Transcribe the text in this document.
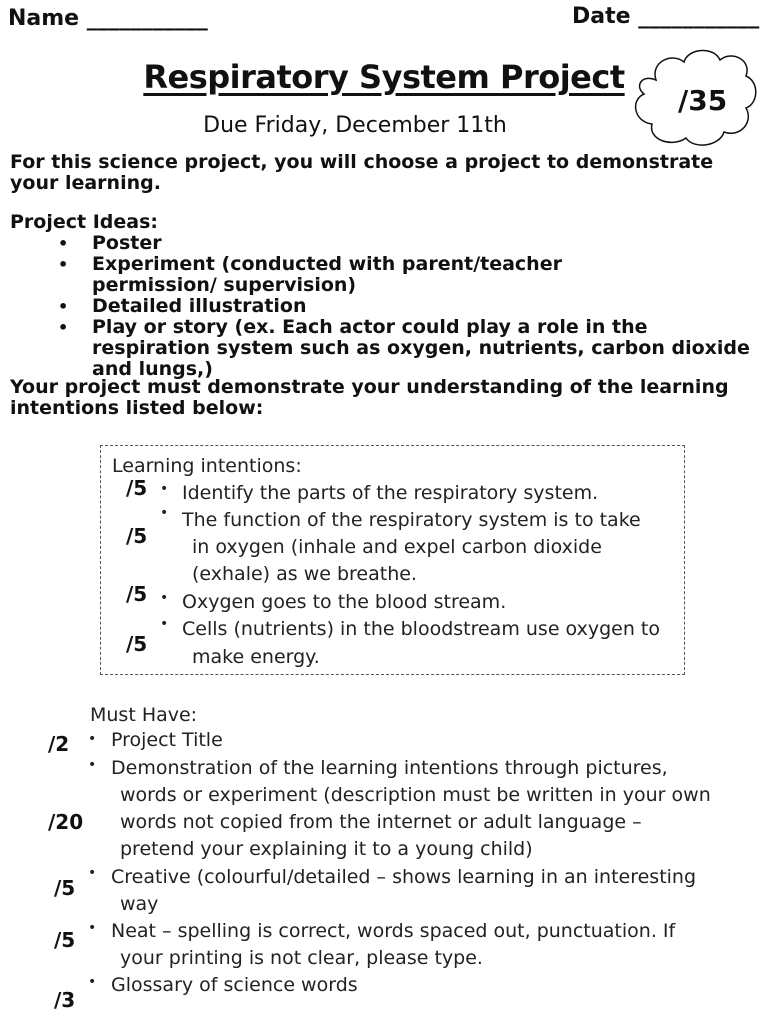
Name ___________	Date ___________
Respiratory System Project
/35
Due Friday, December 11th
For this science project, you will choose a project to demonstrate your learning.
Project Ideas:
• Poster
• Experiment (conducted with parent/teacher permission/ supervision)
• Detailed illustration
• Play or story (ex. Each actor could play a role in the respiration system such as oxygen, nutrients, carbon dioxide and lungs,)
Your project must demonstrate your understanding of the learning intentions listed below:
Learning intentions:
/5 • Identify the parts of the respiratory system.
/5
• The function of the respiratory system is to take
in oxygen (inhale and expel carbon dioxide
(exhale) as we breathe.
/5 • Oxygen goes to the blood stream.
/5
• Cells (nutrients) in the bloodstream use oxygen to
make energy.
Must Have:
/2 • Project Title
/20
• Demonstration of the learning intentions through pictures,
words or experiment (description must be written in your own
words not copied from the internet or adult language –
pretend your explaining it to a young child)
/5
• Creative (colourful/detailed – shows learning in an interesting
way
/5 • Neat – spelling is correct, words spaced out, punctuation. If
your printing is not clear, please type.
/3
• Glossary of science words
